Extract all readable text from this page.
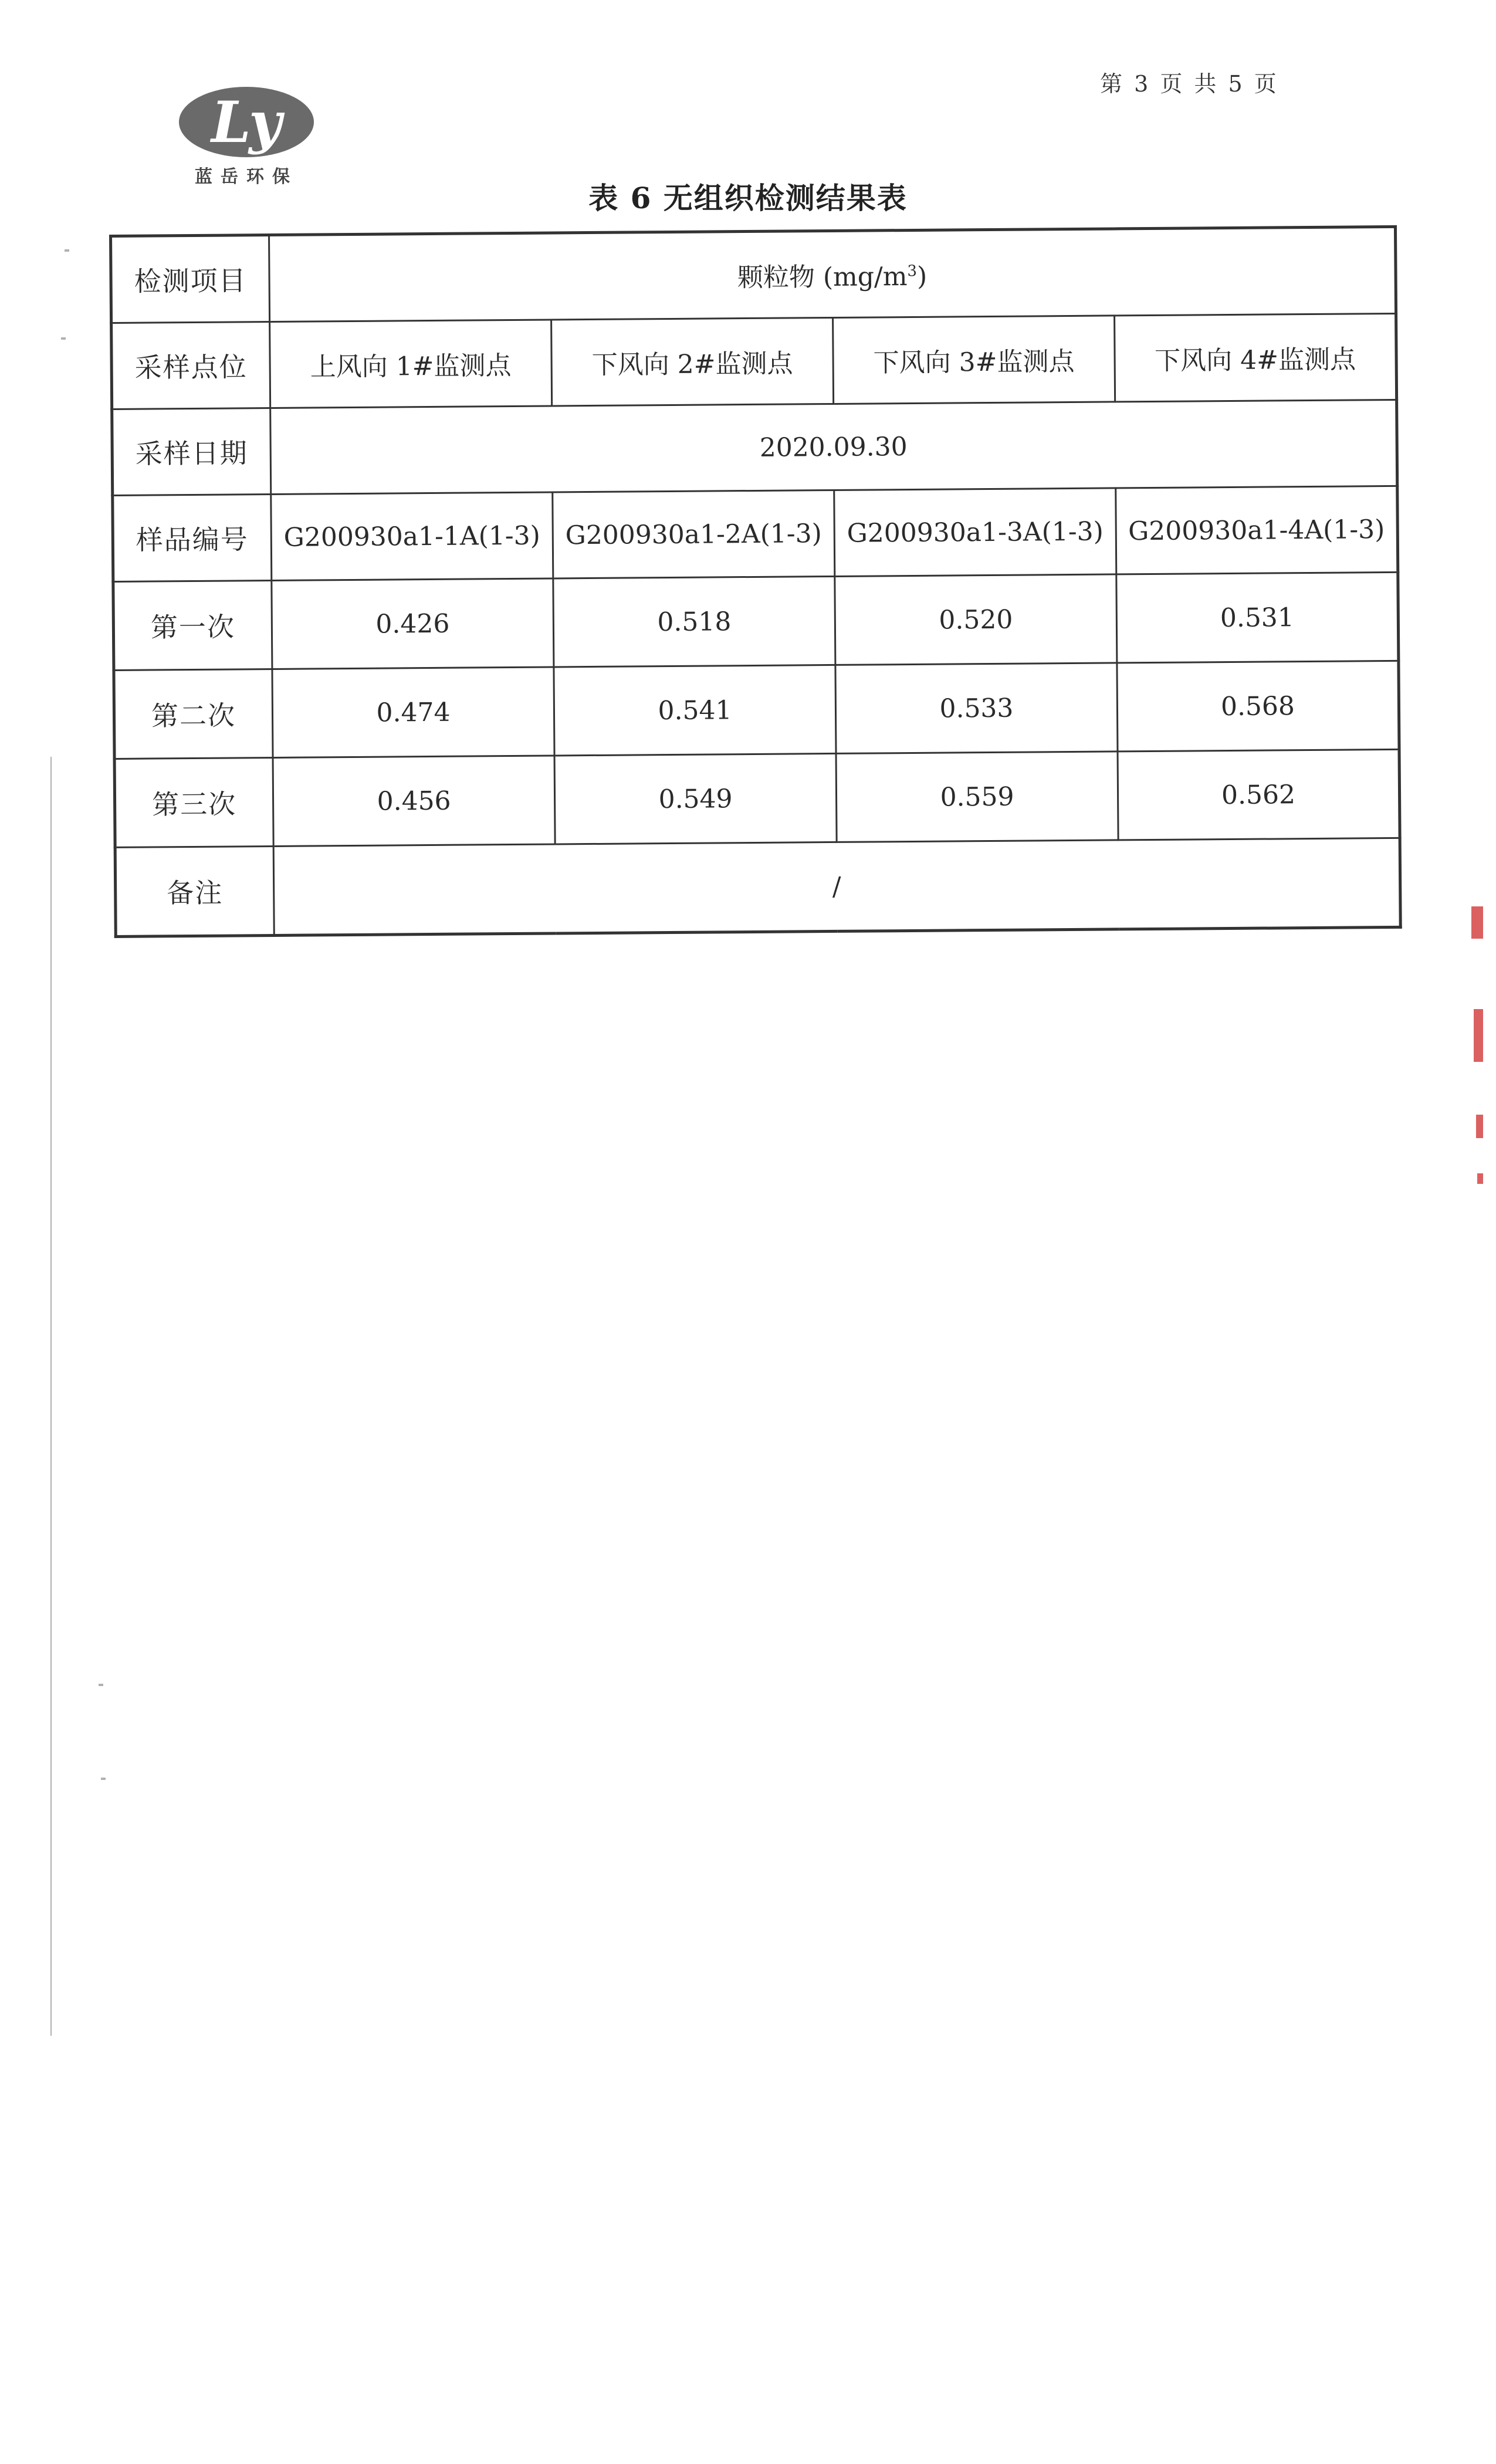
第 3 页 共 5 页
Ly
蓝岳环保
表 6 无组织检测结果表
检测项目	颗粒物 $(mg/m^3)$			
采样点位	上风向 1#监测点	下风向 2#监测点	下风向 3#监测点	下风向 4#监测点
采样日期	2020.09.30			
样品编号	G200930a1-1A(1-3)	G200930a1-2A(1-3)	G200930a1-3A(1-3)	G200930a1-4A(1-3)
第一次	0.426	0.518	0.520	0.531
第二次	0.474	0.541	0.533	0.568
第三次	0.456	0.549	0.559	0.562
备注	/			
